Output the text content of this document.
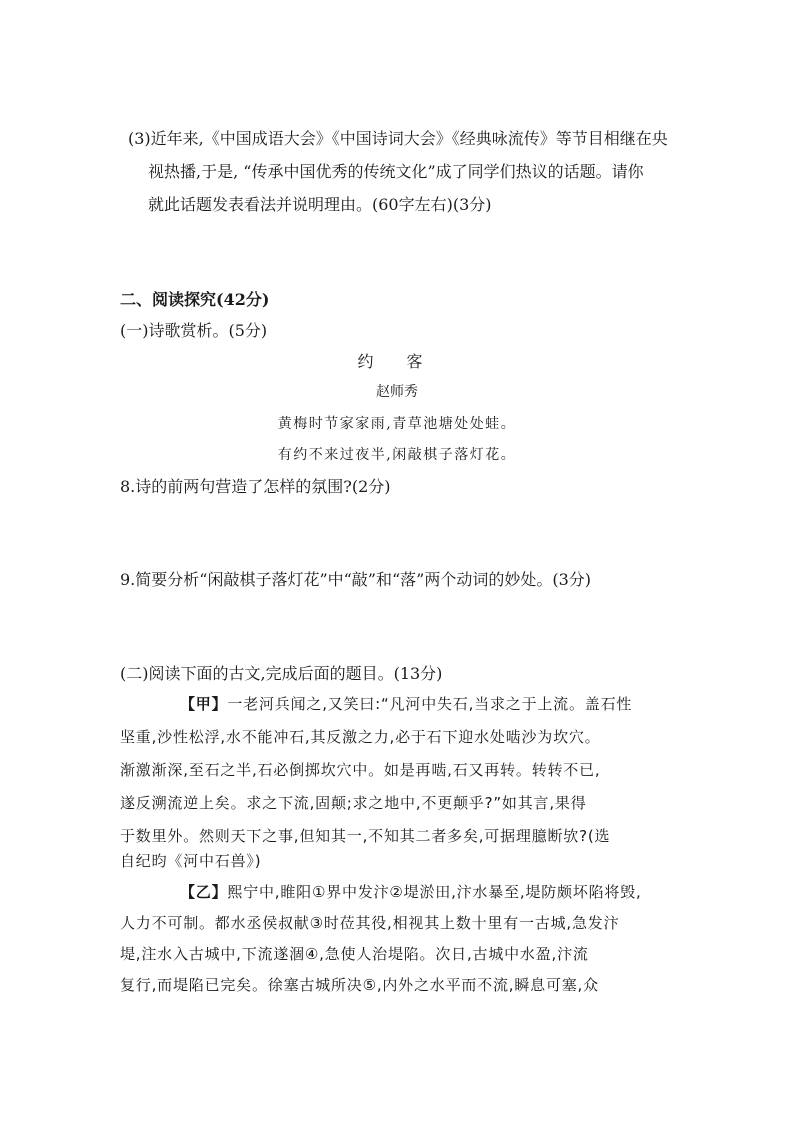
(3)近年来,《中国成语大会》《中国诗词大会》《经典咏流传》等节目相继在央
视热播,于是, “传承中国优秀的传统文化”成了同学们热议的话题。请你
就此话题发表看法并说明理由。(60字左右)(3分)
二、阅读探究(42分)
(一)诗歌赏析。(5分)
约 客
赵师秀
黄梅时节家家雨,青草池塘处处蛙。
有约不来过夜半,闲敲棋子落灯花。
8.诗的前两句营造了怎样的氛围?(2分)
9.简要分析“闲敲棋子落灯花”中“敲”和“落”两个动词的妙处。(3分)
(二)阅读下面的古文,完成后面的题目。(13分)
【甲】一老河兵闻之,又笑曰:“凡河中失石,当求之于上流。盖石性
坚重,沙性松浮,水不能冲石,其反激之力,必于石下迎水处啮沙为坎穴。
渐激渐深,至石之半,石必倒掷坎穴中。如是再啮,石又再转。转转不已,
遂反溯流逆上矣。求之下流,固颠;求之地中,不更颠乎?”如其言,果得
于数里外。然则天下之事,但知其一,不知其二者多矣,可据理臆断欤?(选
自纪昀《河中石兽》)
【乙】熙宁中,睢阳①界中发汴②堤淤田,汴水暴至,堤防颇坏陷将毁,
人力不可制。都水丞侯叔献③时莅其役,相视其上数十里有一古城,急发汴
堤,注水入古城中,下流遂涸④,急使人治堤陷。次日,古城中水盈,汴流
复行,而堤陷已完矣。徐塞古城所决⑤,内外之水平而不流,瞬息可塞,众
